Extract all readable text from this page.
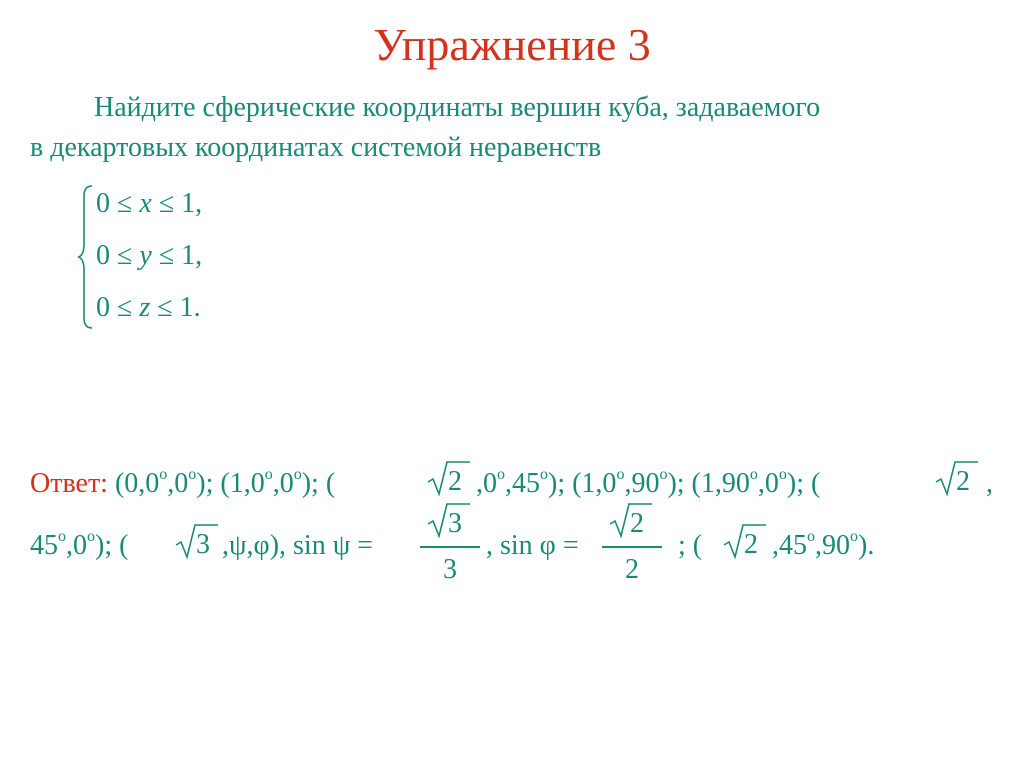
Упражнение 3
Найдите сферические координаты вершин куба, задаваемого
в декартовых координатах системой неравенств
0 ≤ x ≤ 1,
0 ≤ y ≤ 1,
0 ≤ z ≤ 1.
Ответ: (0,0$^o$,0$^o$); (1,0$^o$,0$^o$); (	2 ,0$^o$,45$^o$); (1,0$^o$,90$^o$); (1,90$^o$,0$^o$); (	2 ,
45$^o$,0$^o$); ( 3 ,ψ,φ), sin ψ =
3
3
, sin φ =
2
2
; ( 2 ,45$^o$,90$^o$).
